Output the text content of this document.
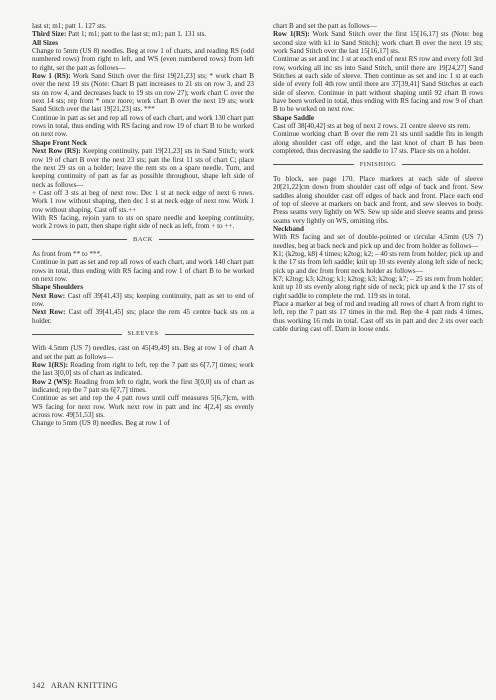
last st; m1; patt 1. 127 sts.

Third Size: Patt 1; m1; patt to the last st; m1; patt 1. 131 sts.

All Sizes

Change to 5mm (US 8) needles. Beg at row 1 of charts, and reading RS (odd numbered rows) from right to left, and WS (even numbered rows) from left to right, set the patt as follows—

Row 1 (RS): Work Sand Stitch over the first 19[21,23] sts; * work chart B over the next 19 sts (Note: Chart B patt increases to 21 sts on row 3, and 23 sts on row 4, and decreases back to 19 sts on row 27); work chart C over the next 14 sts; rep from * once more; work chart B over the next 19 sts; work Sand Stitch over the last 19[21,23] sts. ***

Continue in patt as set and rep all rows of each chart, and work 130 chart patt rows in total, thus ending with RS facing and row 19 of chart B to be worked on next row.

Shape Front Neck

Next Row (RS): Keeping continuity, patt 19[21,23] sts in Sand Stitch; work row 19 of chart B over the next 23 sts; patt the first 11 sts of chart C; place the next 29 sts on a holder; leave the rem sts on a spare needle. Turn, and keeping continuity of patt as far as possible throughout, shape left side of neck as follows—

+ Cast off 3 sts at beg of next row. Dec 1 st at neck edge of next 6 rows. Work 1 row without shaping, then dec 1 st at neck edge of next row. Work 1 row without shaping. Cast off sts.++

With RS facing, rejoin yarn to sts on spare needle and keeping continuity, work 2 rows in patt, then shape right side of neck as left, from + to ++.

BACK

As front from ** to ***.

Continue in patt as set and rep all rows of each chart, and work 140 chart patt rows in total, thus ending with RS facing and row 1 of chart B to be worked on next row.

Shape Shoulders

Next Row: Cast off 39[41,43] sts; keeping continuity, patt as set to end of row.

Next Row: Cast off 39[41,45] sts; place the rem 45 centre back sts on a holder.

SLEEVES

With 4.5mm (US 7) needles, cast on 45[49,49] sts. Beg at row 1 of chart A and set the patt as follows—

Row 1(RS): Reading from right to left, rep the 7 patt sts 6[7,7] times; work the last 3[0,0] sts of chart as indicated.

Row 2 (WS): Reading from left to right, work the first 3[0,0] sts of chart as indicated; rep the 7 patt sts 6[7,7] times.

Continue as set and rep the 4 patt rows until cuff measures 5[6,7]cm, with WS facing for next row. Work next row in patt and inc 4[2,4] sts evenly across row. 49[51,53] sts.

Change to 5mm (US 8) needles. Beg at row 1 of

chart B and set the patt as follows—

Row 1(RS): Work Sand Stitch over the first 15[16,17] sts (Note: beg second size with k1 in Sand Stitch); work chart B over the next 19 sts; work Sand Stitch over the last 15[16,17] sts.

Continue as set and inc 1 st at each end of next RS row and every foll 3rd row, working all inc sts into Sand Stitch, until there are 19[24,27] Sand Stitches at each side of sleeve. Then continue as set and inc 1 st at each side of every foll 4th row until there are 37[39,41] Sand Stitches at each side of sleeve. Continue in patt without shaping until 92 chart B rows have been worked in total, thus ending with RS facing and row 9 of chart B to be worked on next row.

Shape Saddle

Cast off 38[40,42] sts at beg of next 2 rows. 21 centre sleeve sts rem.

Continue working chart B over the rem 21 sts until saddle fits in length along shoulder cast off edge, and the last knot of chart B has been completed, thus decreasing the saddle to 17 sts. Place sts on a holder.

FINISHING

To block, see page 170. Place markers at each side of sleeve 20[21,22]cm down from shoulder cast off edge of back and front. Sew saddles along shoulder cast off edges of back and front. Place each end of top of sleeve at markers on back and front, and sew sleeves to body. Press seams very lightly on WS. Sew up side and sleeve seams and press seams very lightly on WS, omitting ribs.

Neckband

With RS facing and set of double-pointed or circular 4.5mm (US 7) needles, beg at back neck and pick up and dec from holder as follows—

K1; (k2tog, k8) 4 times; k2tog; k2; – 40 sts rem from holder; pick up and k the 17 sts from left saddle; knit up 10 sts evenly along left side of neck; pick up and dec from front neck holder as follows—

K7; k2tog; k3; k2tog; k1; k2tog; k3; k2tog; k7; – 25 sts rem from holder; knit up 10 sts evenly along right side of neck; pick up and k the 17 sts of right saddle to complete the rnd. 119 sts in total.

Place a marker at beg of rnd and reading all rows of chart A from right to left, rep the 7 patt sts 17 times in the rnd. Rep the 4 patt rnds 4 times, thus working 16 rnds in total. Cast off sts in patt and dec 2 sts over each cable during cast off. Darn in loose ends.

142 ARAN KNITTING
